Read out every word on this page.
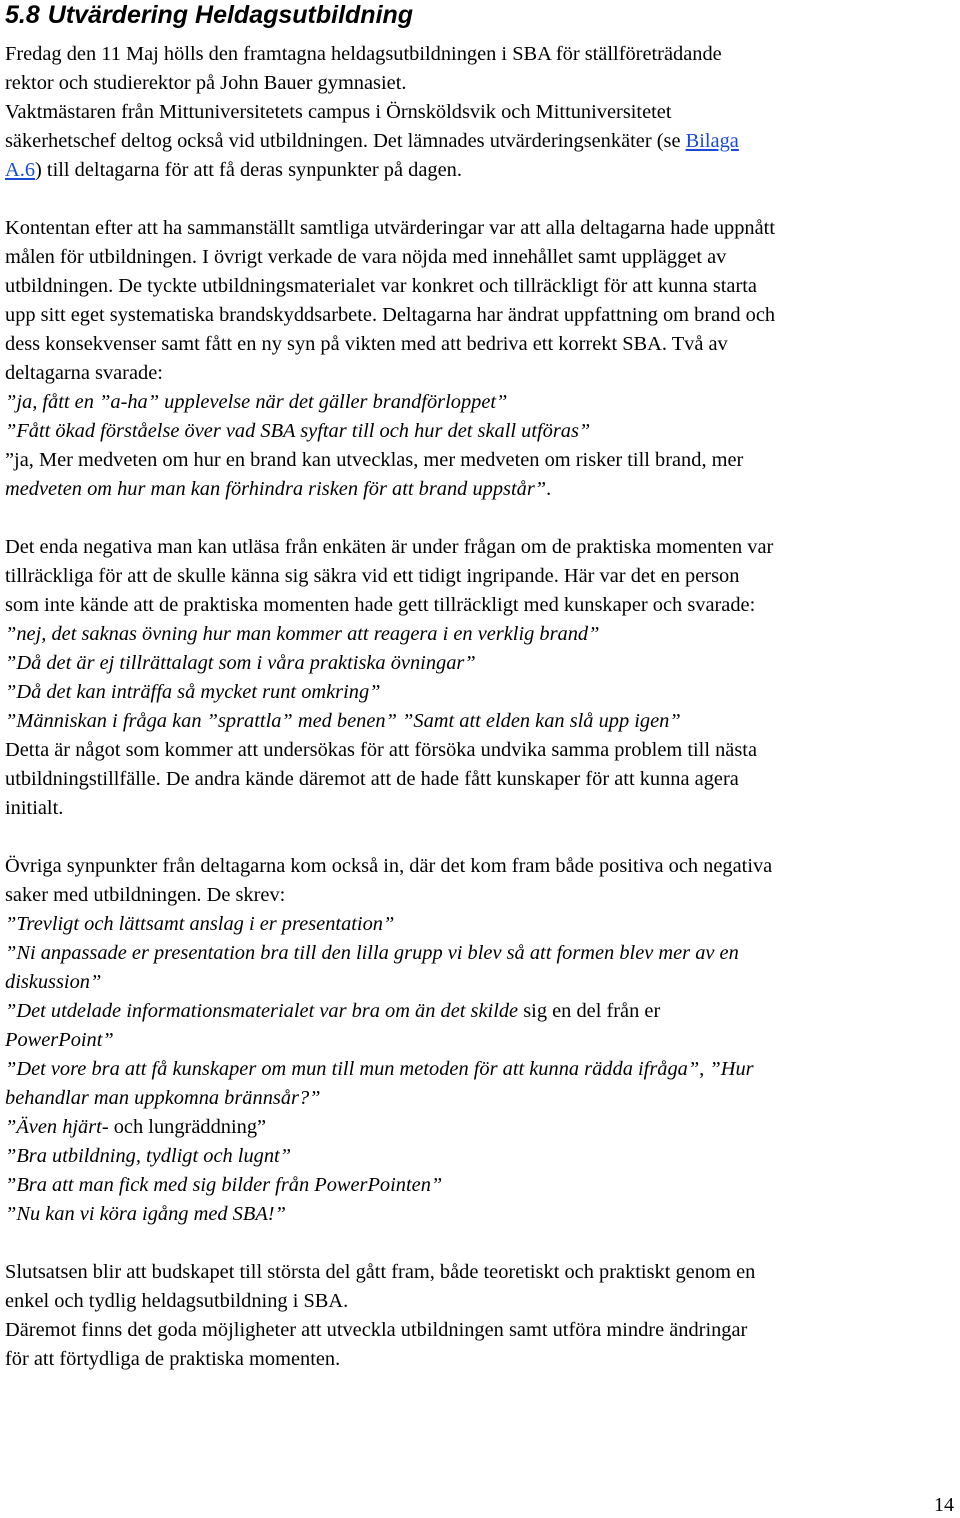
5.8 Utvärdering Heldagsutbildning

Fredag den 11 Maj hölls den framtagna heldagsutbildningen i SBA för ställföreträdande

rektor och studierektor på John Bauer gymnasiet.

Vaktmästaren från Mittuniversitetets campus i Örnsköldsvik och Mittuniversitetet

säkerhetschef deltog också vid utbildningen. Det lämnades utvärderingsenkäter (se Bilaga

A.6) till deltagarna för att få deras synpunkter på dagen.

Kontentan efter att ha sammanställt samtliga utvärderingar var att alla deltagarna hade uppnått

målen för utbildningen. I övrigt verkade de vara nöjda med innehållet samt upplägget av

utbildningen. De tyckte utbildningsmaterialet var konkret och tillräckligt för att kunna starta

upp sitt eget systematiska brandskyddsarbete. Deltagarna har ändrat uppfattning om brand och

dess konsekvenser samt fått en ny syn på vikten med att bedriva ett korrekt SBA. Två av

deltagarna svarade:

”ja, fått en ”a-ha” upplevelse när det gäller brandförloppet”

”Fått ökad förståelse över vad SBA syftar till och hur det skall utföras”

”ja, Mer medveten om hur en brand kan utvecklas, mer medveten om risker till brand, mer

medveten om hur man kan förhindra risken för att brand uppstår”.

Det enda negativa man kan utläsa från enkäten är under frågan om de praktiska momenten var

tillräckliga för att de skulle känna sig säkra vid ett tidigt ingripande. Här var det en person

som inte kände att de praktiska momenten hade gett tillräckligt med kunskaper och svarade:

”nej, det saknas övning hur man kommer att reagera i en verklig brand”

”Då det är ej tillrättalagt som i våra praktiska övningar”

”Då det kan inträffa så mycket runt omkring”

”Människan i fråga kan ”sprattla” med benen” ”Samt att elden kan slå upp igen”

Detta är något som kommer att undersökas för att försöka undvika samma problem till nästa

utbildningstillfälle. De andra kände däremot att de hade fått kunskaper för att kunna agera

initialt.

Övriga synpunkter från deltagarna kom också in, där det kom fram både positiva och negativa

saker med utbildningen. De skrev:

”Trevligt och lättsamt anslag i er presentation”

”Ni anpassade er presentation bra till den lilla grupp vi blev så att formen blev mer av en

diskussion”

”Det utdelade informationsmaterialet var bra om än det skilde sig en del från er

PowerPoint”

”Det vore bra att få kunskaper om mun till mun metoden för att kunna rädda ifråga”, ”Hur

behandlar man uppkomna brännsår?”

”Även hjärt- och lungräddning”

”Bra utbildning, tydligt och lugnt”

”Bra att man fick med sig bilder från PowerPointen”

”Nu kan vi köra igång med SBA!”

Slutsatsen blir att budskapet till största del gått fram, både teoretiskt och praktiskt genom en

enkel och tydlig heldagsutbildning i SBA.

Däremot finns det goda möjligheter att utveckla utbildningen samt utföra mindre ändringar

för att förtydliga de praktiska momenten.

14
